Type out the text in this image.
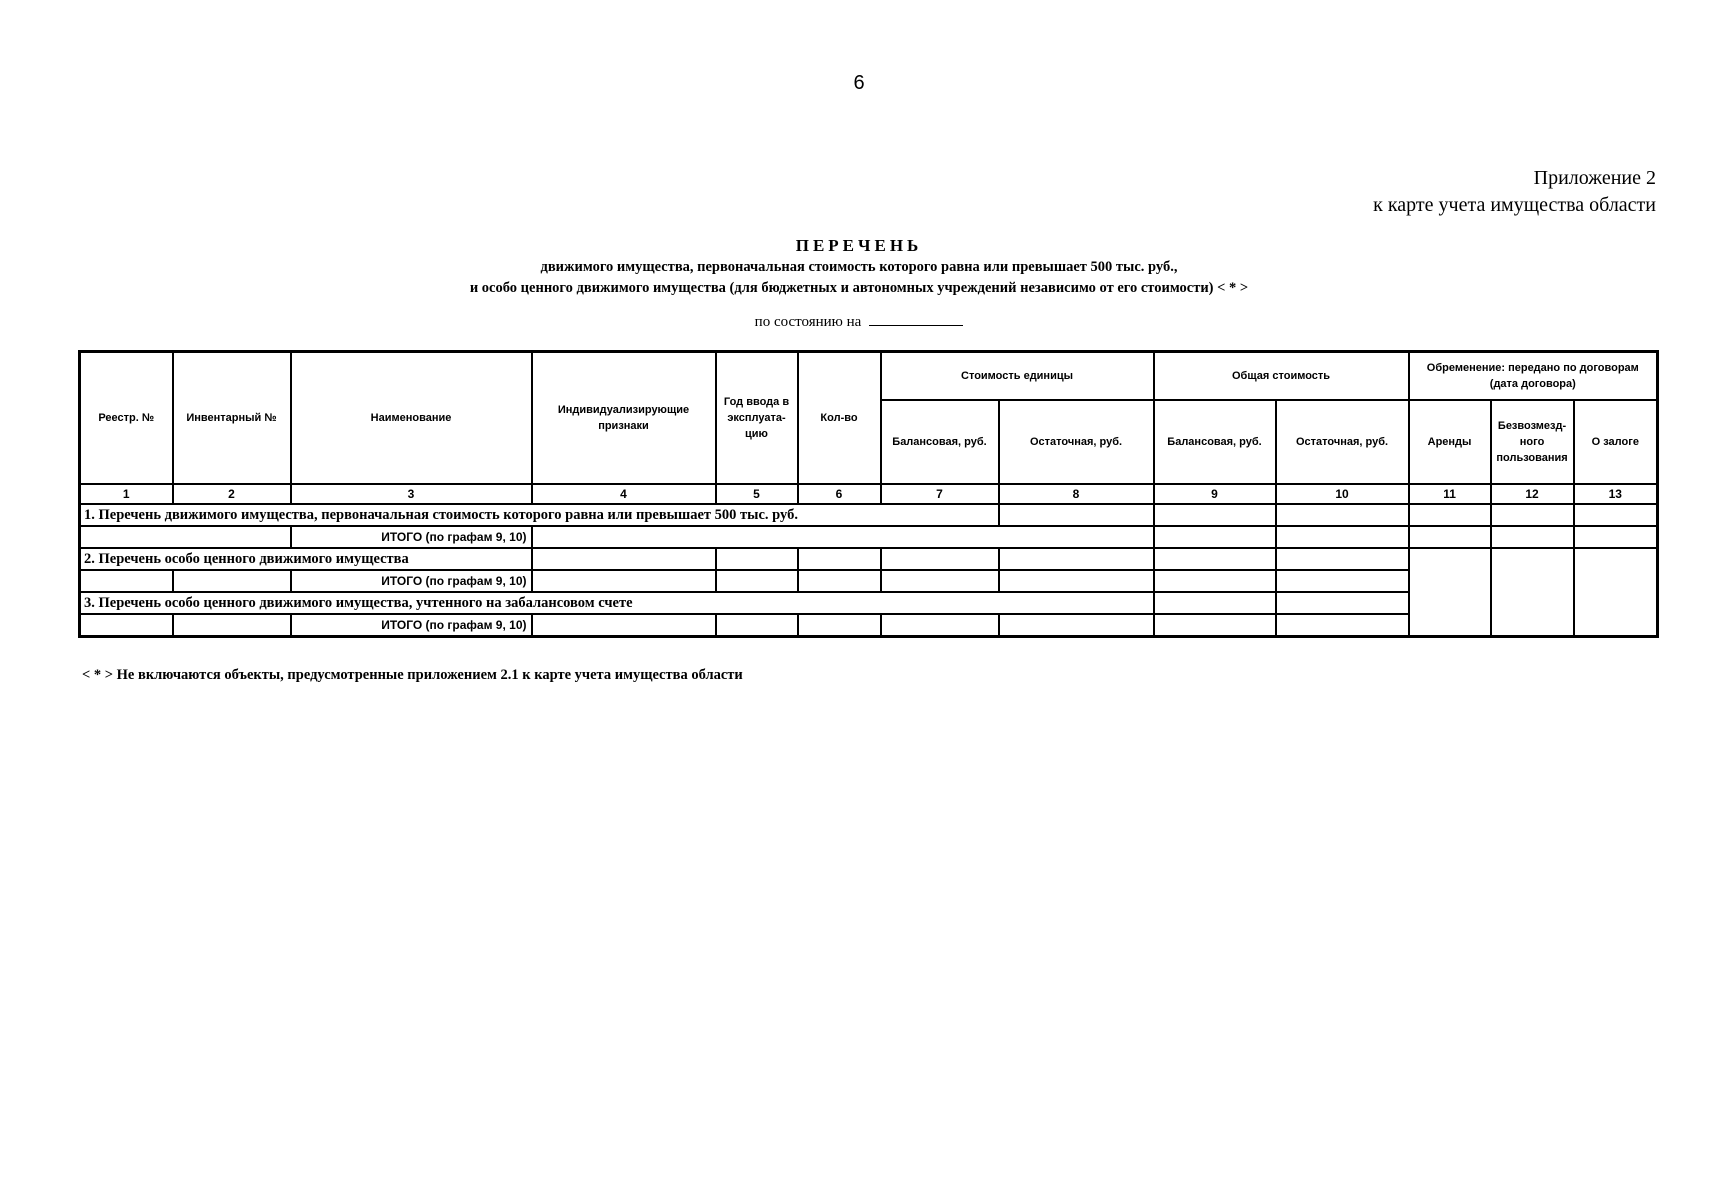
6
Приложение 2
к карте учета имущества области
ПЕРЕЧЕНЬ
движимого имущества, первоначальная стоимость которого равна или превышает 500 тыс. руб.,
и особо ценного движимого имущества (для бюджетных и автономных учреждений независимо от его стоимости) < * >
по состоянию на
Реестр. №	Инвентарный №	Наименование	Индивидуализирующие признаки	Год ввода в эксплуата-цию	Кол-во	Стоимость единицы		Общая стоимость		Обременение: передано по договорам (дата договора)		
						Балансовая, руб.	Остаточная, руб.	Балансовая, руб.	Остаточная, руб.	Аренды	Безвозмезд-ного пользования	О залоге
1	2	3	4	5	6	7	8	9	10	11	12	13
1. Перечень движимого имущества, первоначальная стоимость которого равна или превышает 500 тыс. руб.												
		ИТОГО (по графам 9, 10)										
2. Перечень особо ценного движимого имущества												
		ИТОГО (по графам 9, 10)										
3. Перечень особо ценного движимого имущества, учтенного на забалансовом счете												
		ИТОГО (по графам 9, 10)										
< * > Не включаются объекты, предусмотренные приложением 2.1 к карте учета имущества области
